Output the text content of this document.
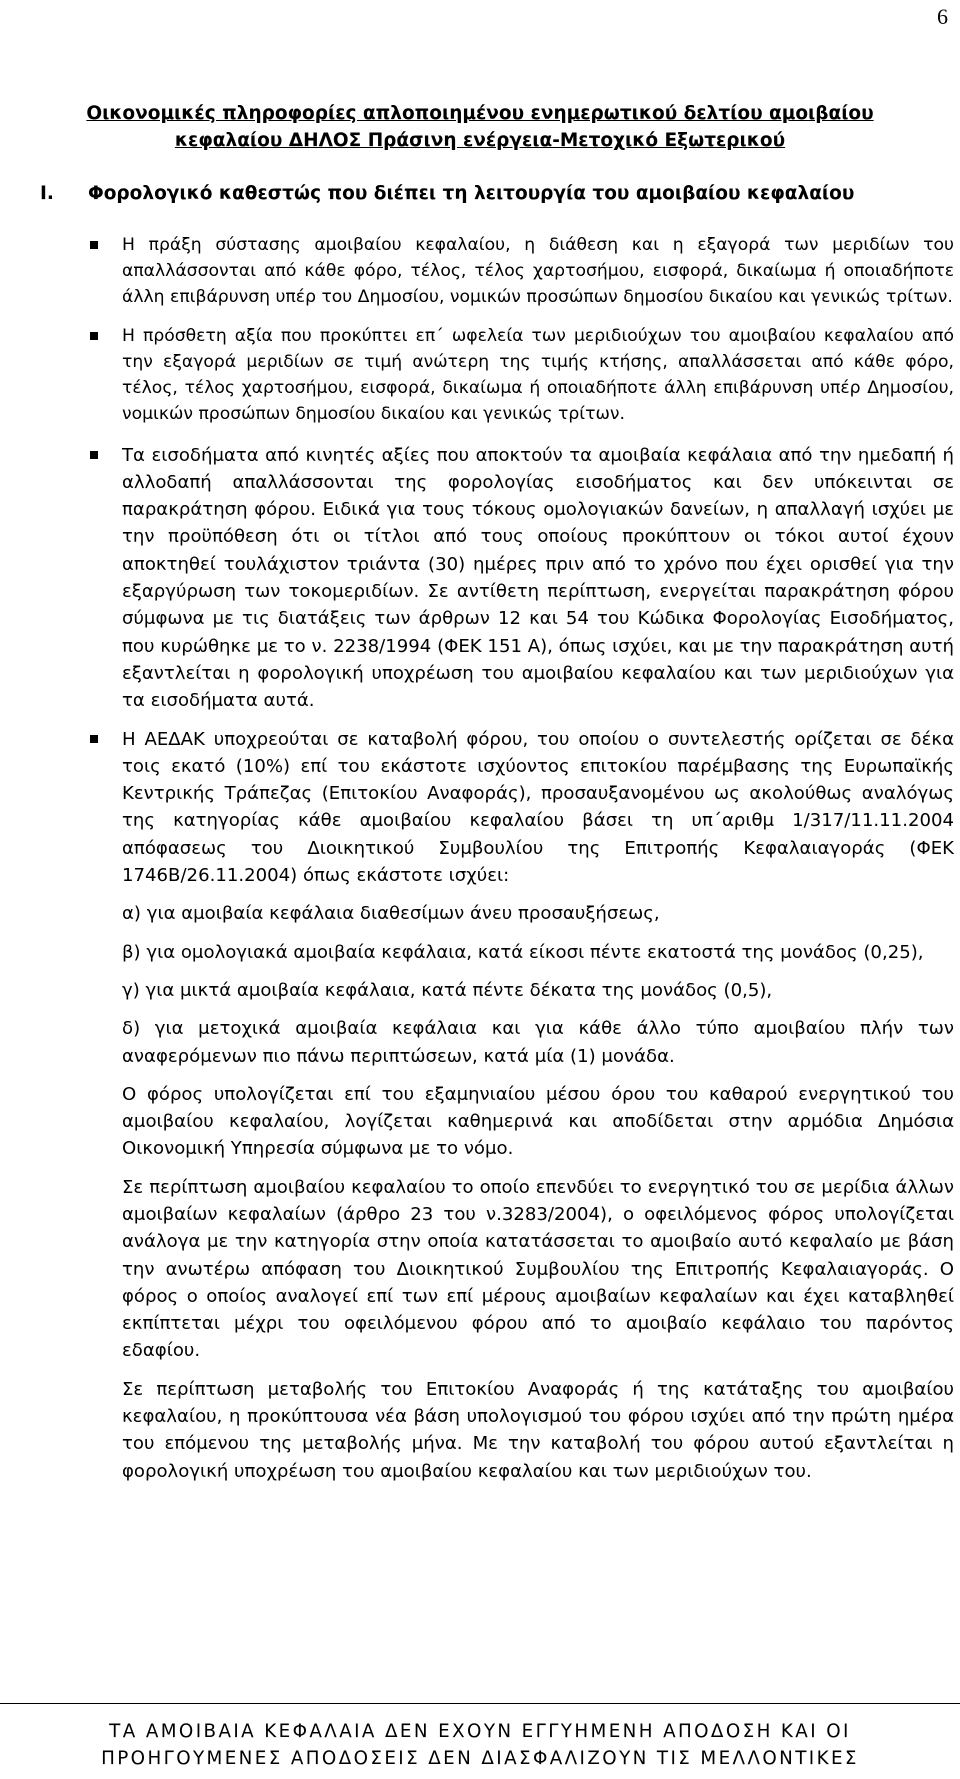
6
Οικονομικές πληροφορίες απλοποιημένου ενημερωτικού δελτίου αμοιβαίου
κεφαλαίου ΔΗΛΟΣ Πράσινη ενέργεια-Μετοχικό Εξωτερικού
Ι. Φορολογικό καθεστώς που διέπει τη λειτουργία του αμοιβαίου κεφαλαίου
Η πράξη σύστασης αμοιβαίου κεφαλαίου, η διάθεση και η εξαγορά των μεριδίων του απαλλάσσονται από κάθε φόρο, τέλος, τέλος χαρτοσήμου, εισφορά, δικαίωμα ή οποιαδήποτε άλλη επιβάρυνση υπέρ του Δημοσίου, νομικών προσώπων δημοσίου δικαίου και γενικώς τρίτων.
Η πρόσθετη αξία που προκύπτει επ΄ ωφελεία των μεριδιούχων του αμοιβαίου κεφαλαίου από την εξαγορά μεριδίων σε τιμή ανώτερη της τιμής κτήσης, απαλλάσσεται από κάθε φόρο, τέλος, τέλος χαρτοσήμου, εισφορά, δικαίωμα ή οποιαδήποτε άλλη επιβάρυνση υπέρ Δημοσίου, νομικών προσώπων δημοσίου δικαίου και γενικώς τρίτων.
Τα εισοδήματα από κινητές αξίες που αποκτούν τα αμοιβαία κεφάλαια από την ημεδαπή ή αλλοδαπή απαλλάσσονται της φορολογίας εισοδήματος και δεν υπόκεινται σε παρακράτηση φόρου. Ειδικά για τους τόκους ομολογιακών δανείων, η απαλλαγή ισχύει με την προϋπόθεση ότι οι τίτλοι από τους οποίους προκύπτουν οι τόκοι αυτοί έχουν αποκτηθεί τουλάχιστον τριάντα (30) ημέρες πριν από το χρόνο που έχει ορισθεί για την εξαργύρωση των τοκομεριδίων. Σε αντίθετη περίπτωση, ενεργείται παρακράτηση φόρου σύμφωνα με τις διατάξεις των άρθρων 12 και 54 του Κώδικα Φορολογίας Εισοδήματος, που κυρώθηκε με το ν. 2238/1994 (ΦΕΚ 151 Α), όπως ισχύει, και με την παρακράτηση αυτή εξαντλείται η φορολογική υποχρέωση του αμοιβαίου κεφαλαίου και των μεριδιούχων για τα εισοδήματα αυτά.
Η ΑΕΔΑΚ υποχρεούται σε καταβολή φόρου, του οποίου ο συντελεστής ορίζεται σε δέκα τοις εκατό (10%) επί του εκάστοτε ισχύοντος επιτοκίου παρέμβασης της Ευρωπαϊκής Κεντρικής Τράπεζας (Επιτοκίου Αναφοράς), προσαυξανομένου ως ακολούθως αναλόγως της κατηγορίας κάθε αμοιβαίου κεφαλαίου βάσει τη υπ΄αριθμ 1/317/11.11.2004 απόφασεως του Διοικητικού Συμβουλίου της Επιτροπής Κεφαλαιαγοράς (ΦΕΚ 1746Β/26.11.2004) όπως εκάστοτε ισχύει:
α) για αμοιβαία κεφάλαια διαθεσίμων άνευ προσαυξήσεως,
β) για ομολογιακά αμοιβαία κεφάλαια, κατά είκοσι πέντε εκατοστά της μονάδος (0,25),
γ) για μικτά αμοιβαία κεφάλαια, κατά πέντε δέκατα της μονάδος (0,5),
δ) για μετοχικά αμοιβαία κεφάλαια και για κάθε άλλο τύπο αμοιβαίου πλήν των αναφερόμενων πιο πάνω περιπτώσεων, κατά μία (1) μονάδα.
Ο φόρος υπολογίζεται επί του εξαμηνιαίου μέσου όρου του καθαρού ενεργητικού του αμοιβαίου κεφαλαίου, λογίζεται καθημερινά και αποδίδεται στην αρμόδια Δημόσια Οικονομική Υπηρεσία σύμφωνα με το νόμο.
Σε περίπτωση αμοιβαίου κεφαλαίου το οποίο επενδύει το ενεργητικό του σε μερίδια άλλων αμοιβαίων κεφαλαίων (άρθρο 23 του ν.3283/2004), ο οφειλόμενος φόρος υπολογίζεται ανάλογα με την κατηγορία στην οποία κατατάσσεται το αμοιβαίο αυτό κεφαλαίο με βάση την ανωτέρω απόφαση του Διοικητικού Συμβουλίου της Επιτροπής Κεφαλαιαγοράς. Ο φόρος ο οποίος αναλογεί επί των επί μέρους αμοιβαίων κεφαλαίων και έχει καταβληθεί εκπίπτεται μέχρι του οφειλόμενου φόρου από το αμοιβαίο κεφάλαιο του παρόντος εδαφίου.
Σε περίπτωση μεταβολής του Επιτοκίου Αναφοράς ή της κατάταξης του αμοιβαίου κεφαλαίου, η προκύπτουσα νέα βάση υπολογισμού του φόρου ισχύει από την πρώτη ημέρα του επόμενου της μεταβολής μήνα. Με την καταβολή του φόρου αυτού εξαντλείται η φορολογική υποχρέωση του αμοιβαίου κεφαλαίου και των μεριδιούχων του.
ΤΑ ΑΜΟΙΒΑΙΑ ΚΕΦΑΛΑΙΑ ΔΕΝ ΕΧΟΥΝ ΕΓΓΥΗΜΕΝΗ ΑΠΟΔΟΣΗ ΚΑΙ ΟΙ
ΠΡΟΗΓΟΥΜΕΝΕΣ ΑΠΟΔΟΣΕΙΣ ΔΕΝ ΔΙΑΣΦΑΛΙΖΟΥΝ ΤΙΣ ΜΕΛΛΟΝΤΙΚΕΣ
